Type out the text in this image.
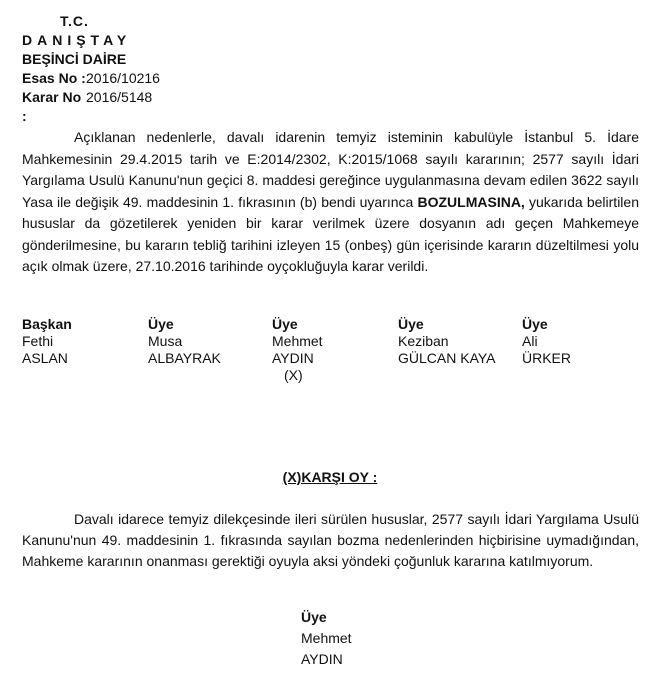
T.C.
DANIŞTAY
BEŞİNCİ DAİRE
Esas No : 2016/10216
Karar No :
2016/5148

Açıklanan nedenlerle, davalı idarenin temyiz isteminin kabulüyle İstanbul 5. İdare Mahkemesinin 29.4.2015 tarih ve E:2014/2302, K:2015/1068 sayılı kararının; 2577 sayılı İdari Yargılama Usulü Kanunu'nun geçici 8. maddesi gereğince uygulanmasına devam edilen 3622 sayılı Yasa ile değişik 49. maddesinin 1. fıkrasının (b) bendi uyarınca BOZULMASINA, yukarıda belirtilen hususlar da gözetilerek yeniden bir karar verilmek üzere dosyanın adı geçen Mahkemeye gönderilmesine, bu kararın tebliğ tarihini izleyen 15 (onbeş) gün içerisinde kararın düzeltilmesi yolu açık olmak üzere, 27.10.2016 tarihinde oyçokluğuyla karar verildi.

Başkan
Fethi
ASLAN
Üye
Musa
ALBAYRAK
Üye
Mehmet
AYDIN
(X)
Üye
Keziban
GÜLCAN KAYA
Üye
Ali
ÜRKER
(X)KARŞI OY :

Davalı idarece temyiz dilekçesinde ileri sürülen hususlar, 2577 sayılı İdari Yargılama Usulü Kanunu'nun 49. maddesinin 1. fıkrasında sayılan bozma nedenlerinden hiçbirisine uymadığından, Mahkeme kararının onanması gerektiği oyuyla aksi yöndeki çoğunluk kararına katılmıyorum.

Üye
Mehmet
AYDIN
